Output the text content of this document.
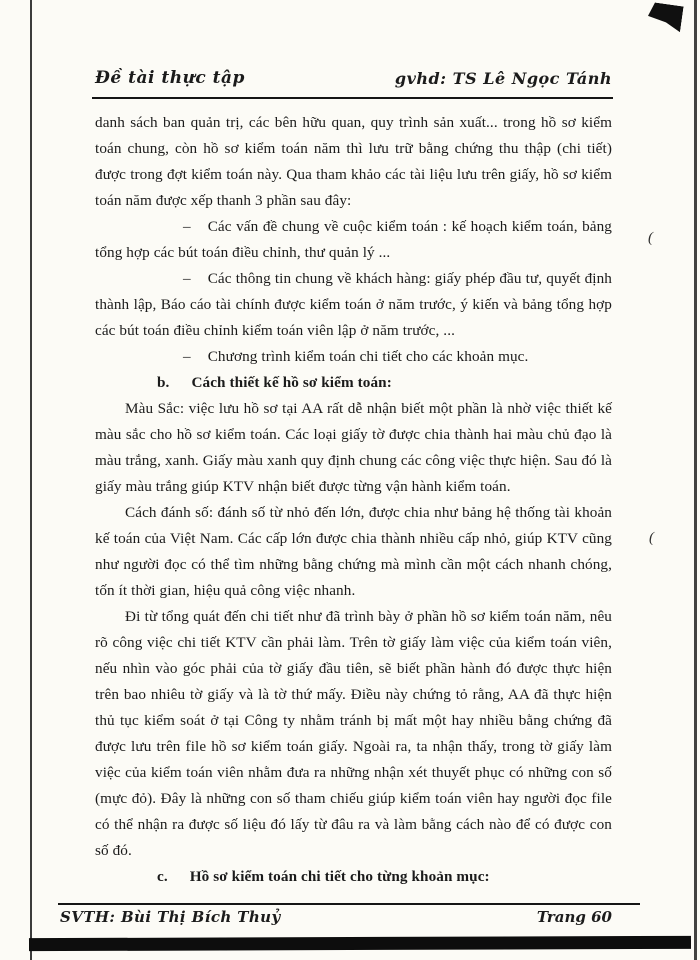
(
(
Đề tài thực tập	gvhd: TS Lê Ngọc Tánh

danh sách ban quản trị, các bên hữu quan, quy trình sản xuất... trong hồ sơ kiểm toán chung, còn hồ sơ kiểm toán năm thì lưu trữ bằng chứng thu thập (chi tiết) được trong đợt kiểm toán này. Qua tham khảo các tài liệu lưu trên giấy, hồ sơ kiểm toán năm được xếp thanh 3 phần sau đây:

– Các vấn đề chung về cuộc kiểm toán : kế hoạch kiểm toán, bảng tổng hợp các bút toán điều chỉnh, thư quản lý ...

– Các thông tin chung về khách hàng: giấy phép đầu tư, quyết định thành lập, Báo cáo tài chính được kiểm toán ở năm trước, ý kiến và bảng tổng hợp các bút toán điều chỉnh kiểm toán viên lập ở năm trước, ...

– Chương trình kiểm toán chi tiết cho các khoản mục.

b. Cách thiết kế hồ sơ kiểm toán:

Màu Sắc: việc lưu hồ sơ tại AA rất dễ nhận biết một phần là nhờ việc thiết kế màu sắc cho hồ sơ kiểm toán. Các loại giấy tờ được chia thành hai màu chủ đạo là màu trắng, xanh. Giấy màu xanh quy định chung các công việc thực hiện. Sau đó là giấy màu trắng giúp KTV nhận biết được từng vận hành kiểm toán.

Cách đánh số: đánh số từ nhỏ đến lớn, được chia như bảng hệ thống tài khoản kế toán của Việt Nam. Các cấp lớn được chia thành nhiều cấp nhỏ, giúp KTV cũng như người đọc có thể tìm những bằng chứng mà mình cần một cách nhanh chóng, tốn ít thời gian, hiệu quả công việc nhanh.

Đi từ tổng quát đến chi tiết như đã trình bày ở phần hồ sơ kiểm toán năm, nêu rõ công việc chi tiết KTV cần phải làm. Trên tờ giấy làm việc của kiểm toán viên, nếu nhìn vào góc phải của tờ giấy đầu tiên, sẽ biết phần hành đó được thực hiện trên bao nhiêu tờ giấy và là tờ thứ mấy. Điều này chứng tỏ rằng, AA đã thực hiện thủ tục kiểm soát ở tại Công ty nhằm tránh bị mất một hay nhiều bằng chứng đã được lưu trên file hồ sơ kiểm toán giấy. Ngoài ra, ta nhận thấy, trong tờ giấy làm việc của kiểm toán viên nhằm đưa ra những nhận xét thuyết phục có những con số (mực đỏ). Đây là những con số tham chiếu giúp kiểm toán viên hay người đọc file có thể nhận ra được số liệu đó lấy từ đâu ra và làm bằng cách nào để có được con số đó.

c. Hồ sơ kiểm toán chi tiết cho từng khoản mục:

SVTH: Bùi Thị Bích Thuỷ	Trang 60
